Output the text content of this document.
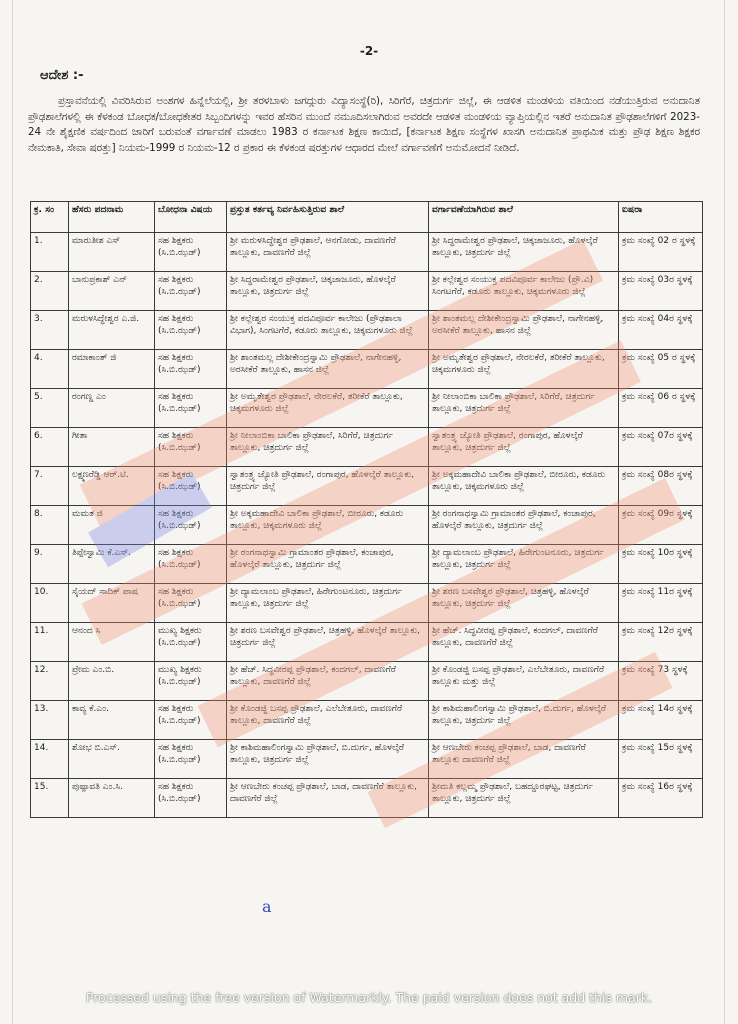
-2-
ಆದೇಶ :-
ಪ್ರಸ್ತಾವನೆಯಲ್ಲಿ ವಿವರಿಸಿರುವ ಅಂಶಗಳ ಹಿನ್ನೆಲೆಯಲ್ಲಿ, ಶ್ರೀ ತರಳಬಾಳು ಜಗದ್ಗುರು ವಿದ್ಯಾಸಂಸ್ಥೆ(ರಿ), ಸಿರಿಗೆರೆ, ಚಿತ್ರದುರ್ಗ ಜಿಲ್ಲೆ, ಈ ಆಡಳಿತ ಮಂಡಳಿಯ ವತಿಯಿಂದ ನಡೆಯುತ್ತಿರುವ ಅನುದಾನಿತ ಪ್ರೌಢಶಾಲೆಗಳಲ್ಲಿ ಈ ಕೆಳಕಂಡ ಬೋಧಕ/ಬೋಧಕೇತರ ಸಿಬ್ಬಂದಿಗಳನ್ನು ಇವರ ಹೆಸರಿನ ಮುಂದೆ ನಮೂದಿಸಲಾಗಿರುವ ಅವರದೇ ಆಡಳಿತ ಮಂಡಳಿಯ ವ್ಯಾಪ್ತಿಯಲ್ಲಿನ ಇತರೆ ಅನುದಾನಿತ ಪ್ರೌಢಶಾಲೆಗಳಿಗೆ 2023-24 ನೇ ಶೈಕ್ಷಣಿಕ ವರ್ಷದಿಂದ ಜಾರಿಗೆ ಬರುವಂತೆ ವರ್ಗಾವಣೆ ಮಾಡಲು 1983 ರ ಕರ್ನಾಟಕ ಶಿಕ್ಷಣ ಕಾಯಿದೆ, [ಕರ್ನಾಟಕ ಶಿಕ್ಷಣ ಸಂಸ್ಥೆಗಳ ಖಾಸಗಿ ಅನುದಾನಿತ ಪ್ರಾಥಮಿಕ ಮತ್ತು ಪ್ರೌಢ ಶಿಕ್ಷಣ ಶಿಕ್ಷಕರ ನೇಮಕಾತಿ, ಸೇವಾ ಷರತ್ತು] ನಿಯಮ-1999 ರ ನಿಯಮ-12 ರ ಪ್ರಕಾರ ಈ ಕೆಳಕಂಡ ಷರತ್ತುಗಳ ಆಧಾರದ ಮೇಲೆ ವರ್ಗಾವಣೆಗೆ ಅನುಮೋದನೆ ನೀಡಿದೆ.
ಕ್ರ. ಸಂ	ಹೆಸರು ಪದನಾಮ	ಬೋಧನಾ ವಿಷಯ	ಪ್ರಸ್ತುತ ಕರ್ತವ್ಯ ನಿರ್ವಹಿಸುತ್ತಿರುವ ಶಾಲೆ	ವರ್ಗಾವಣೆಯಾಗಿರುವ ಶಾಲೆ	ಐಷರಾ
1.	ಮಾರುತೀಶ ಎಸ್	ಸಹ ಶಿಕ್ಷಕರು (ಸಿ.ಬಿ.ಝಡ್)	ಶ್ರೀ ಮರುಳಸಿದ್ಧೇಶ್ವರ ಪ್ರೌಢಶಾಲೆ, ಆನಗೋಡು, ದಾವಣಗೆರೆ ತಾಲ್ಲೂಕು, ದಾವಣಗೆರೆ ಜಿಲ್ಲೆ	ಶ್ರೀ ಸಿದ್ಧರಾಮೇಶ್ವರ ಪ್ರೌಢಶಾಲೆ, ಚಿಕ್ಕಜಾಜೂರು, ಹೊಳಲ್ಕೆರೆ ತಾಲ್ಲೂಕು, ಚಿತ್ರದುರ್ಗ ಜಿಲ್ಲೆ	ಕ್ರಮ ಸಂಖ್ಯೆ 02 ರ ಸ್ಥಳಕ್ಕೆ
2.	ಬಾನುಪ್ರಕಾಶ್ ಎನ್	ಸಹ ಶಿಕ್ಷಕರು (ಸಿ.ಬಿ.ಝಡ್)	ಶ್ರೀ ಸಿದ್ಧರಾಮೇಶ್ವರ ಪ್ರೌಢಶಾಲೆ, ಚಿಕ್ಕಜಾಜೂರು, ಹೊಳಲ್ಕೆರೆ ತಾಲ್ಲೂಕು, ಚಿತ್ರದುರ್ಗ ಜಿಲ್ಲೆ	ಶ್ರೀ ಕಲ್ಲೇಶ್ವರ ಸಂಯುಕ್ತ ಪದವಿಪೂರ್ವ ಕಾಲೇಜು (ಪ್ರೌ.ವಿ) ಸಿಂಗಟಗೆರೆ, ಕಡೂರು ತಾಲ್ಲೂಕು, ಚಿಕ್ಕಮಗಳೂರು ಜಿಲ್ಲೆ	ಕ್ರಮ ಸಂಖ್ಯೆ 03ರ ಸ್ಥಳಕ್ಕೆ
3.	ಮರುಳಸಿದ್ಧೇಶ್ವರ ಎ.ಜಿ.	ಸಹ ಶಿಕ್ಷಕರು (ಸಿ.ಬಿ.ಝಡ್)	ಶ್ರೀ ಕಲ್ಲೇಶ್ವರ ಸಂಯುಕ್ತ ಪದವಿಪೂರ್ವ ಕಾಲೇಜು (ಪ್ರೌಢಶಾಲಾ ವಿಭಾಗ), ಸಿಂಗಟಗೆರೆ, ಕಡೂರು ತಾಲ್ಲೂಕು, ಚಿಕ್ಕಮಗಳೂರು ಜಿಲ್ಲೆ	ಶ್ರೀ ಶಾಂತಮಲ್ಲ ದೇಶೀಕೇಂದ್ರಸ್ವಾಮಿ ಪ್ರೌಢಶಾಲೆ, ನಾಗೇನಹಳ್ಳಿ, ಅರಸೀಕೆರೆ ತಾಲ್ಲೂಕು, ಹಾಸನ ಜಿಲ್ಲೆ	ಕ್ರಮ ಸಂಖ್ಯೆ 04ರ ಸ್ಥಳಕ್ಕೆ
4.	ರಮಾಕಾಂತ್ ಜಿ	ಸಹ ಶಿಕ್ಷಕರು (ಸಿ.ಬಿ.ಝಡ್)	ಶ್ರೀ ಶಾಂತಮಲ್ಲ ದೇಶೀಕೇಂದ್ರಸ್ವಾಮಿ ಪ್ರೌಢಶಾಲೆ, ನಾಗೇನಹಳ್ಳಿ, ಅರಸೀಕೆರೆ ತಾಲ್ಲೂಕು, ಹಾಸನ ಜಿಲ್ಲೆ	ಶ್ರೀ ಅಮೃತೇಶ್ವರ ಪ್ರೌಢಶಾಲೆ, ನೇರಲಕೆರೆ, ತರೀಕೆರೆ ತಾಲ್ಲೂಕು, ಚಿಕ್ಕಮಗಳೂರು ಜಿಲ್ಲೆ	ಕ್ರಮ ಸಂಖ್ಯೆ 05 ರ ಸ್ಥಳಕ್ಕೆ
5.	ರಂಗಣ್ಣ ಎಂ	ಸಹ ಶಿಕ್ಷಕರು (ಸಿ.ಬಿ.ಝಡ್)	ಶ್ರೀ ಅಮೃತೇಶ್ವರ ಪ್ರೌಢಶಾಲೆ, ನೇರಲಕೆರೆ, ತರೀಕೆರೆ ತಾಲ್ಲೂಕು, ಚಿಕ್ಕಮಗಳೂರು ಜಿಲ್ಲೆ	ಶ್ರೀ ನೀಲಾಂಬಿಕಾ ಬಾಲಿಕಾ ಪ್ರೌಢಶಾಲೆ, ಸಿರಿಗೆರೆ, ಚಿತ್ರದುರ್ಗ ತಾಲ್ಲೂಕು, ಚಿತ್ರದುರ್ಗ ಜಿಲ್ಲೆ	ಕ್ರಮ ಸಂಖ್ಯೆ 06 ರ ಸ್ಥಳಕ್ಕೆ
6.	ಗೀತಾ	ಸಹ ಶಿಕ್ಷಕರು (ಸಿ.ಬಿ.ಝಡ್)	ಶ್ರೀ ನೀಲಾಂಬಿಕಾ ಬಾಲಿಕಾ ಪ್ರೌಢಶಾಲೆ, ಸಿರಿಗೆರೆ, ಚಿತ್ರದುರ್ಗ ತಾಲ್ಲೂಕು, ಚಿತ್ರದುರ್ಗ ಜಿಲ್ಲೆ	ಸ್ವಾತಂತ್ರ್ಯ ಜ್ಯೋತಿ ಪ್ರೌಢಶಾಲೆ, ರಂಗಾಪುರ, ಹೊಳಲ್ಕೆರೆ ತಾಲ್ಲೂಕು, ಚಿತ್ರದುರ್ಗ ಜಿಲ್ಲೆ	ಕ್ರಮ ಸಂಖ್ಯೆ 07ರ ಸ್ಥಳಕ್ಕೆ
7.	ಲಕ್ಷ್ಮಣರೆಡ್ಡಿ ಆರ್.ಟಿ.	ಸಹ ಶಿಕ್ಷಕರು (ಸಿ.ಬಿ.ಝಡ್)	ಸ್ವಾತಂತ್ರ್ಯ ಜ್ಯೋತಿ ಪ್ರೌಢಶಾಲೆ, ರಂಗಾಪುರ, ಹೊಳಲ್ಕೆರೆ ತಾಲ್ಲೂಕು, ಚಿತ್ರದುರ್ಗ ಜಿಲ್ಲೆ	ಶ್ರೀ ಅಕ್ಕಮಹಾದೇವಿ ಬಾಲಿಕಾ ಪ್ರೌಢಶಾಲೆ, ಬೀರೂರು, ಕಡೂರು ತಾಲ್ಲೂಕು, ಚಿಕ್ಕಮಗಳೂರು ಜಿಲ್ಲೆ	ಕ್ರಮ ಸಂಖ್ಯೆ 08ರ ಸ್ಥಳಕ್ಕೆ
8.	ಮಮತ ಜಿ	ಸಹ ಶಿಕ್ಷಕರು (ಸಿ.ಬಿ.ಝಡ್)	ಶ್ರೀ ಅಕ್ಕಮಹಾದೇವಿ ಬಾಲಿಕಾ ಪ್ರೌಢಶಾಲೆ, ಬೀರೂರು, ಕಡೂರು ತಾಲ್ಲೂಕು, ಚಿಕ್ಕಮಗಳೂರು ಜಿಲ್ಲೆ	ಶ್ರೀ ರಂಗನಾಥಸ್ವಾಮಿ ಗ್ರಾಮಾಂತರ ಪ್ರೌಢಶಾಲೆ, ಕಂಚಾಪುರ, ಹೊಳಲ್ಕೆರೆ ತಾಲ್ಲೂಕು, ಚಿತ್ರದುರ್ಗ ಜಿಲ್ಲೆ	ಕ್ರಮ ಸಂಖ್ಯೆ 09ರ ಸ್ಥಳಕ್ಕೆ
9.	ತಿಪ್ಪೇಸ್ವಾಮಿ ಕೆ.ಎಸ್.	ಸಹ ಶಿಕ್ಷಕರು (ಸಿ.ಬಿ.ಝಡ್)	ಶ್ರೀ ರಂಗನಾಥಸ್ವಾಮಿ ಗ್ರಾಮಾಂತರ ಪ್ರೌಢಶಾಲೆ, ಕಂಚಾಪುರ, ಹೊಳಲ್ಕೆರೆ ತಾಲ್ಲೂಕು, ಚಿತ್ರದುರ್ಗ ಜಿಲ್ಲೆ	ಶ್ರೀ ದ್ಯಾಮಲಾಂಬ ಪ್ರೌಢಶಾಲೆ, ಹಿರೇಗುಂಟನೂರು, ಚಿತ್ರದುರ್ಗ ತಾಲ್ಲೂಕು, ಚಿತ್ರದುರ್ಗ ಜಿಲ್ಲೆ	ಕ್ರಮ ಸಂಖ್ಯೆ 10ರ ಸ್ಥಳಕ್ಕೆ
10.	ಸೈಯದ್ ಸಾದಿಕ್ ಪಾಷ	ಸಹ ಶಿಕ್ಷಕರು (ಸಿ.ಬಿ.ಝಡ್)	ಶ್ರೀ ದ್ಯಾಮಲಾಂಬ ಪ್ರೌಢಶಾಲೆ, ಹಿರೇಗುಂಟನೂರು, ಚಿತ್ರದುರ್ಗ ತಾಲ್ಲೂಕು, ಚಿತ್ರದುರ್ಗ ಜಿಲ್ಲೆ	ಶ್ರೀ ಶರಣ ಬಸವೇಶ್ವರ ಪ್ರೌಢಶಾಲೆ, ಚಿತ್ರಹಳ್ಳಿ, ಹೊಳಲ್ಕೆರೆ ತಾಲ್ಲೂಕು, ಚಿತ್ರದುರ್ಗ ಜಿಲ್ಲೆ	ಕ್ರಮ ಸಂಖ್ಯೆ 11ರ ಸ್ಥಳಕ್ಕೆ
11.	ಆನಂದ ಸಿ	ಮುಖ್ಯ ಶಿಕ್ಷಕರು (ಸಿ.ಬಿ.ಝಡ್)	ಶ್ರೀ ಶರಣ ಬಸವೇಶ್ವರ ಪ್ರೌಢಶಾಲೆ, ಚಿತ್ರಹಳ್ಳಿ, ಹೊಳಲ್ಕೆರೆ ತಾಲ್ಲೂಕು, ಚಿತ್ರದುರ್ಗ ಜಿಲ್ಲೆ	ಶ್ರೀ ಹೆಚ್. ಸಿದ್ಧವೀರಪ್ಪ ಪ್ರೌಢಶಾಲೆ, ಕಂದಗಲ್, ದಾವಣಗೆರೆ ತಾಲ್ಲೂಕು, ದಾವಣಗೆರೆ ಜಿಲ್ಲೆ	ಕ್ರಮ ಸಂಖ್ಯೆ 12ರ ಸ್ಥಳಕ್ಕೆ
12.	ಪ್ರೇಮ ಎಂ.ಬಿ.	ಮುಖ್ಯ ಶಿಕ್ಷಕರು (ಸಿ.ಬಿ.ಝಡ್)	ಶ್ರೀ ಹೆಚ್. ಸಿದ್ಧವೀರಪ್ಪ ಪ್ರೌಢಶಾಲೆ, ಕಂದಗಲ್, ದಾವಣಗೆರೆ ತಾಲ್ಲೂಕು, ದಾವಣಗೆರೆ ಜಿಲ್ಲೆ	ಶ್ರೀ ಕೊಂಡಜ್ಜಿ ಬಸಪ್ಪ ಪ್ರೌಢಶಾಲೆ, ಎಲೆಬೇತೂರು, ದಾವಣಗೆರೆ ತಾಲ್ಲೂಕು ಮತ್ತು ಜಿಲ್ಲೆ	ಕ್ರಮ ಸಂಖ್ಯೆ 73 ಸ್ಥಳಕ್ಕೆ
13.	ಕಾವ್ಯ ಕೆ.ಎಂ.	ಸಹ ಶಿಕ್ಷಕರು (ಸಿ.ಬಿ.ಝಡ್)	ಶ್ರೀ ಕೊಂಡಜ್ಜಿ ಬಸಪ್ಪ ಪ್ರೌಢಶಾಲೆ, ಎಲೆಬೇತೂರು, ದಾವಣಗೆರೆ ತಾಲ್ಲೂಕು, ದಾವಣಗೆರೆ ಜಿಲ್ಲೆ	ಶ್ರೀ ಕಾಶಿಮಹಾಲಿಂಗಸ್ವಾಮಿ ಪ್ರೌಢಶಾಲೆ, ಬಿ.ದುರ್ಗ, ಹೊಳಲ್ಕೆರೆ ತಾಲ್ಲೂಕು, ಚಿತ್ರದುರ್ಗ ಜಿಲ್ಲೆ	ಕ್ರಮ ಸಂಖ್ಯೆ 14ರ ಸ್ಥಳಕ್ಕೆ
14.	ಶೋಭ ಬಿ.ಎಸ್.	ಸಹ ಶಿಕ್ಷಕರು (ಸಿ.ಬಿ.ಝಡ್)	ಶ್ರೀ ಕಾಶಿಮಹಾಲಿಂಗಸ್ವಾಮಿ ಪ್ರೌಢಶಾಲೆ, ಬಿ.ದುರ್ಗ, ಹೊಳಲ್ಕೆರೆ ತಾಲ್ಲೂಕು, ಚಿತ್ರದುರ್ಗ ಜಿಲ್ಲೆ	ಶ್ರೀ ಆಣಬೇರು ಕಂಚಪ್ಪ ಪ್ರೌಢಶಾಲೆ, ಬಾಡ, ದಾವಣಗೆರೆ ತಾಲ್ಲೂಕು ದಾವಣಗೆರೆ ಜಿಲ್ಲೆ	ಕ್ರಮ ಸಂಖ್ಯೆ 15ರ ಸ್ಥಳಕ್ಕೆ
15.	ಪುಷ್ಪಾವತಿ ಎಂ.ಸಿ.	ಸಹ ಶಿಕ್ಷಕರು (ಸಿ.ಬಿ.ಝಡ್)	ಶ್ರೀ ಆಣಬೇರು ಕಂಚಪ್ಪ ಪ್ರೌಢಶಾಲೆ, ಬಾಡ, ದಾವಣಗೆರೆ ತಾಲ್ಲೂಕು, ದಾವಣಗೆರೆ ಜಿಲ್ಲೆ	ಶ್ರೀಮತಿ ಕಲ್ಲಮ್ಮ ಪ್ರೌಢಶಾಲೆ, ಬಹದ್ದೂರಘಟ್ಟ, ಚಿತ್ರದುರ್ಗ ತಾಲ್ಲೂಕು, ಚಿತ್ರದುರ್ಗ ಜಿಲ್ಲೆ	ಕ್ರಮ ಸಂಖ್ಯೆ 16ರ ಸ್ಥಳಕ್ಕೆ
a
Processed using the free version of Watermarkly. The paid version does not add this mark.
